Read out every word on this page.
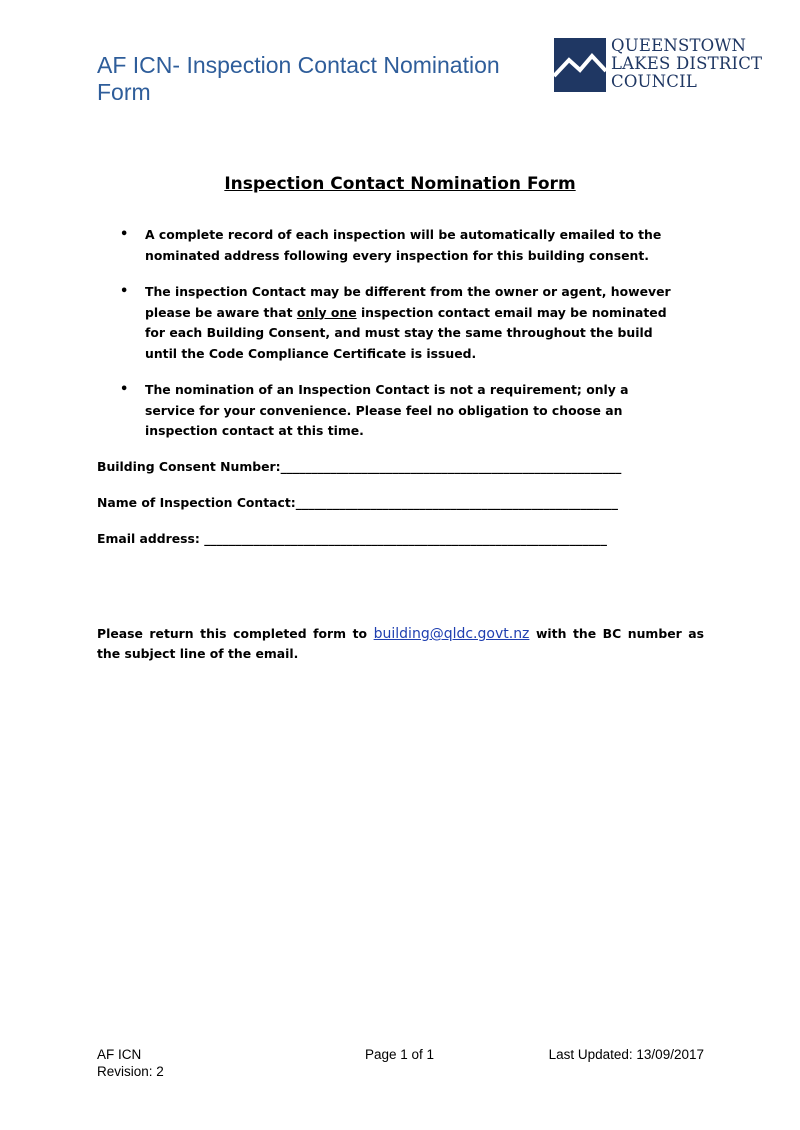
AF ICN- Inspection Contact Nomination Form
QUEENSTOWN
LAKES DISTRICT
COUNCIL
Inspection Contact Nomination Form
• A complete record of each inspection will be automatically emailed to the nominated address following every inspection for this building consent.
• The inspection Contact may be different from the owner or agent, however please be aware that only one inspection contact email may be nominated for each Building Consent, and must stay the same throughout the build until the Code Compliance Certificate is issued.
• The nomination of an Inspection Contact is not a requirement; only a service for your convenience. Please feel no obligation to choose an inspection contact at this time.
Building Consent Number:_______________________________________________________
Name of Inspection Contact:____________________________________________________
Email address: _________________________________________________________________

Please return this completed form to building@qldc.govt.nz with the BC number as the subject line of the email.

AF ICN
Revision: 2
Page 1 of 1	Last Updated: 13/09/2017
